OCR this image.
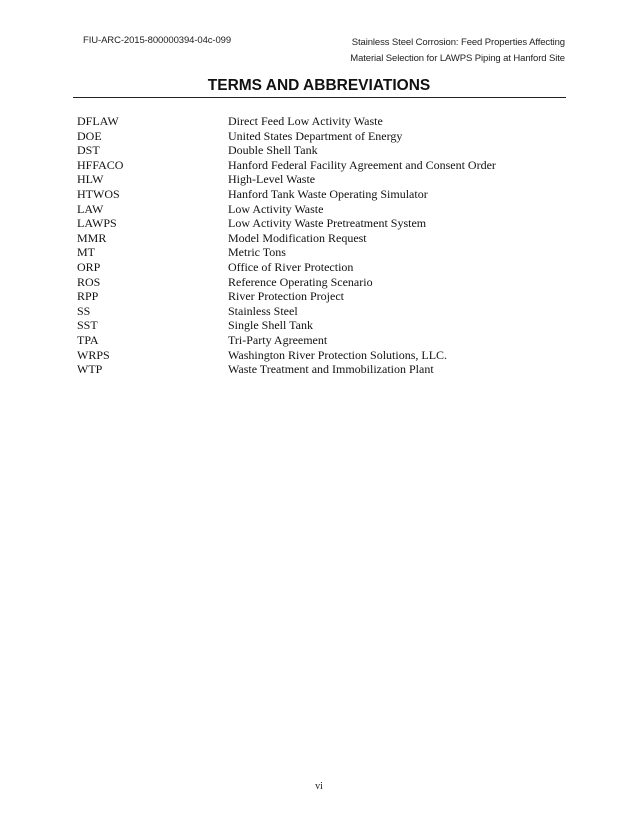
FIU-ARC-2015-800000394-04c-099	Stainless Steel Corrosion: Feed Properties Affecting
Material Selection for LAWPS Piping at Hanford Site
TERMS AND ABBREVIATIONS
DFLAW	Direct Feed Low Activity Waste
DOE	United States Department of Energy
DST	Double Shell Tank
HFFACO	Hanford Federal Facility Agreement and Consent Order
HLW	High-Level Waste
HTWOS	Hanford Tank Waste Operating Simulator
LAW	Low Activity Waste
LAWPS	Low Activity Waste Pretreatment System
MMR	Model Modification Request
MT	Metric Tons
ORP	Office of River Protection
ROS	Reference Operating Scenario
RPP	River Protection Project
SS	Stainless Steel
SST	Single Shell Tank
TPA	Tri-Party Agreement
WRPS	Washington River Protection Solutions, LLC.
WTP	Waste Treatment and Immobilization Plant
vi
